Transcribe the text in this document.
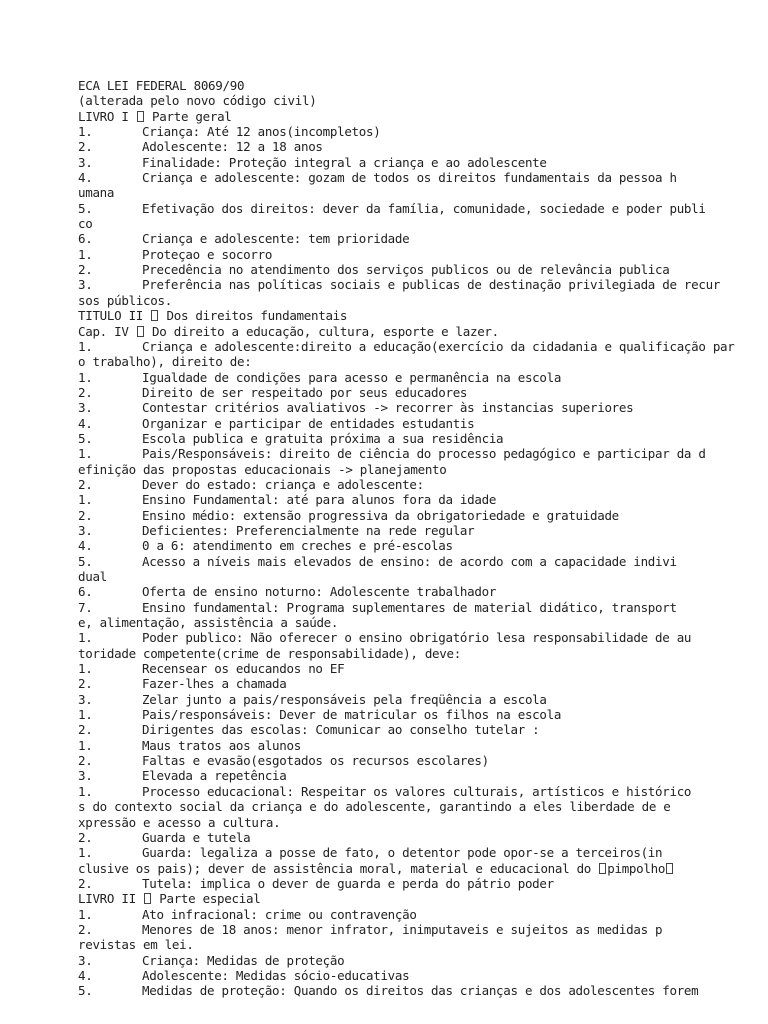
ECA LEI FEDERAL 8069/90
(alterada pelo novo código civil)
LIVRO I  Parte geral
1.	Criança: Até 12 anos(incompletos)
2.	Adolescente: 12 a 18 anos
3.	Finalidade: Proteção integral a criança e ao adolescente
4.	Criança e adolescente: gozam de todos os direitos fundamentais da pessoa h
umana
5.	Efetivação dos direitos: dever da família, comunidade, sociedade e poder publi
co
6.	Criança e adolescente: tem prioridade
1.	Proteçao e socorro
2.	Precedência no atendimento dos serviços publicos ou de relevância publica
3.	Preferência nas políticas sociais e publicas de destinação privilegiada de recur
sos públicos.
TITULO II  Dos direitos fundamentais
Cap. IV  Do direito a educação, cultura, esporte e lazer.
1.	Criança e adolescente:direito a educação(exercício da cidadania e qualificação par
o trabalho), direito de:
1.	Igualdade de condições para acesso e permanência na escola
2.	Direito de ser respeitado por seus educadores
3.	Contestar critérios avaliativos -> recorrer às instancias superiores
4.	Organizar e participar de entidades estudantis
5.	Escola publica e gratuita próxima a sua residência
1.	Pais/Responsáveis: direito de ciência do processo pedagógico e participar da d
efinição das propostas educacionais -> planejamento
2.	Dever do estado: criança e adolescente:
1.	Ensino Fundamental: até para alunos fora da idade
2.	Ensino médio: extensão progressiva da obrigatoriedade e gratuidade
3.	Deficientes: Preferencialmente na rede regular
4.	0 a 6: atendimento em creches e pré-escolas
5.	Acesso a níveis mais elevados de ensino: de acordo com a capacidade indivi
dual
6.	Oferta de ensino noturno: Adolescente trabalhador
7.	Ensino fundamental: Programa suplementares de material didático, transport
e, alimentação, assistência a saúde.
1.	Poder publico: Não oferecer o ensino obrigatório lesa responsabilidade de au
toridade competente(crime de responsabilidade), deve:
1.	Recensear os educandos no EF
2.	Fazer-lhes a chamada
3.	Zelar junto a pais/responsáveis pela freqüência a escola
1.	Pais/responsáveis: Dever de matricular os filhos na escola
2.	Dirigentes das escolas: Comunicar ao conselho tutelar :
1.	Maus tratos aos alunos
2.	Faltas e evasão(esgotados os recursos escolares)
3.	Elevada a repetência
1.	Processo educacional: Respeitar os valores culturais, artísticos e histórico
s do contexto social da criança e do adolescente, garantindo a eles liberdade de e
xpressão e acesso a cultura.
2.	Guarda e tutela
1.	Guarda: legaliza a posse de fato, o detentor pode opor-se a terceiros(in
clusive os pais); dever de assistência moral, material e educacional do pimpolho
2.	Tutela: implica o dever de guarda e perda do pátrio poder
LIVRO II  Parte especial
1.	Ato infracional: crime ou contravenção
2.	Menores de 18 anos: menor infrator, inimputaveis e sujeitos as medidas p
revistas em lei.
3.	Criança: Medidas de proteção
4.	Adolescente: Medidas sócio-educativas
5.	Medidas de proteção: Quando os direitos das crianças e dos adolescentes forem
